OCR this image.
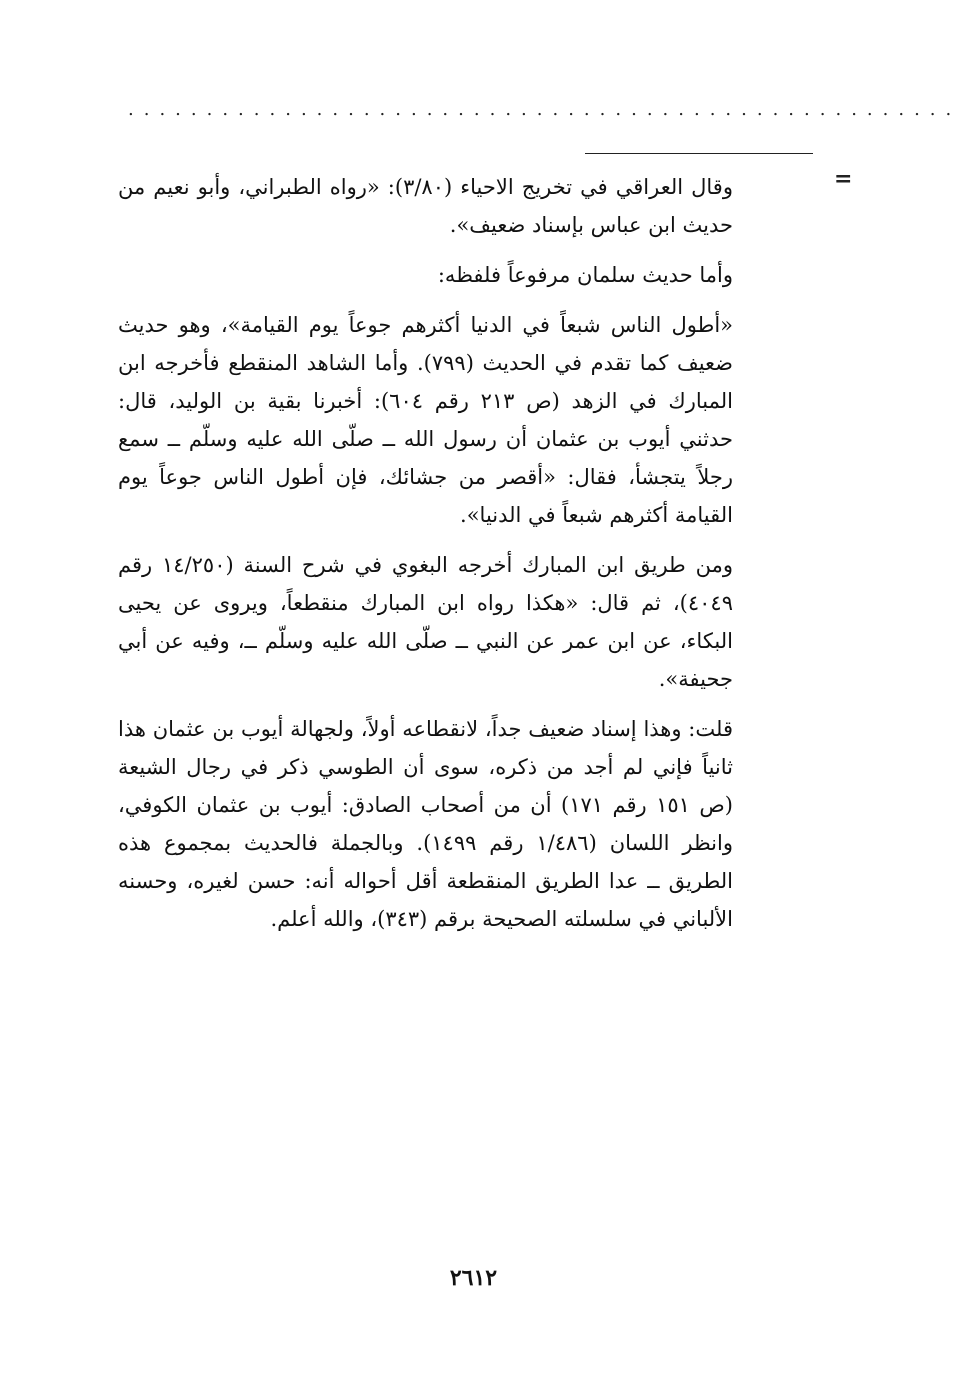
.....................................................
=

وقال العراقي في تخريج الاحياء (٣/٨٠): «رواه الطبراني، وأبو نعيم من حديث ابن عباس بإسناد ضعيف».

وأما حديث سلمان مرفوعاً فلفظه:

«أطول الناس شبعاً في الدنيا أكثرهم جوعاً يوم القيامة»، وهو حديث ضعيف كما تقدم في الحديث (٧٩٩). وأما الشاهد المنقطع فأخرجه ابن المبارك في الزهد (ص ٢١٣ رقم ٦٠٤): أخبرنا بقية بن الوليد، قال: حدثني أيوب بن عثمان أن رسول الله ــ صلّى الله عليه وسلّم ــ سمع رجلاً يتجشأ، فقال: «أقصر من جشائك، فإن أطول الناس جوعاً يوم القيامة أكثرهم شبعاً في الدنيا».

ومن طريق ابن المبارك أخرجه البغوي في شرح السنة (١٤/٢٥٠ رقم ٤٠٤٩)، ثم قال: «هكذا رواه ابن المبارك منقطعاً، ويروى عن يحيى البكاء، عن ابن عمر عن النبي ــ صلّى الله عليه وسلّم ــ، وفيه عن أبي جحيفة».

قلت: وهذا إسناد ضعيف جداً، لانقطاعه أولاً، ولجهالة أيوب بن عثمان هذا ثانياً فإني لم أجد من ذكره، سوى أن الطوسي ذكر في رجال الشيعة (ص ١٥١ رقم ١٧١) أن من أصحاب الصادق: أيوب بن عثمان الكوفي، وانظر اللسان (١/٤٨٦ رقم ١٤٩٩). وبالجملة فالحديث بمجموع هذه الطريق ــ عدا الطريق المنقطعة أقل أحواله أنه: حسن لغيره، وحسنه الألباني في سلسلته الصحيحة برقم (٣٤٣)، والله أعلم.

٢٦١٢
